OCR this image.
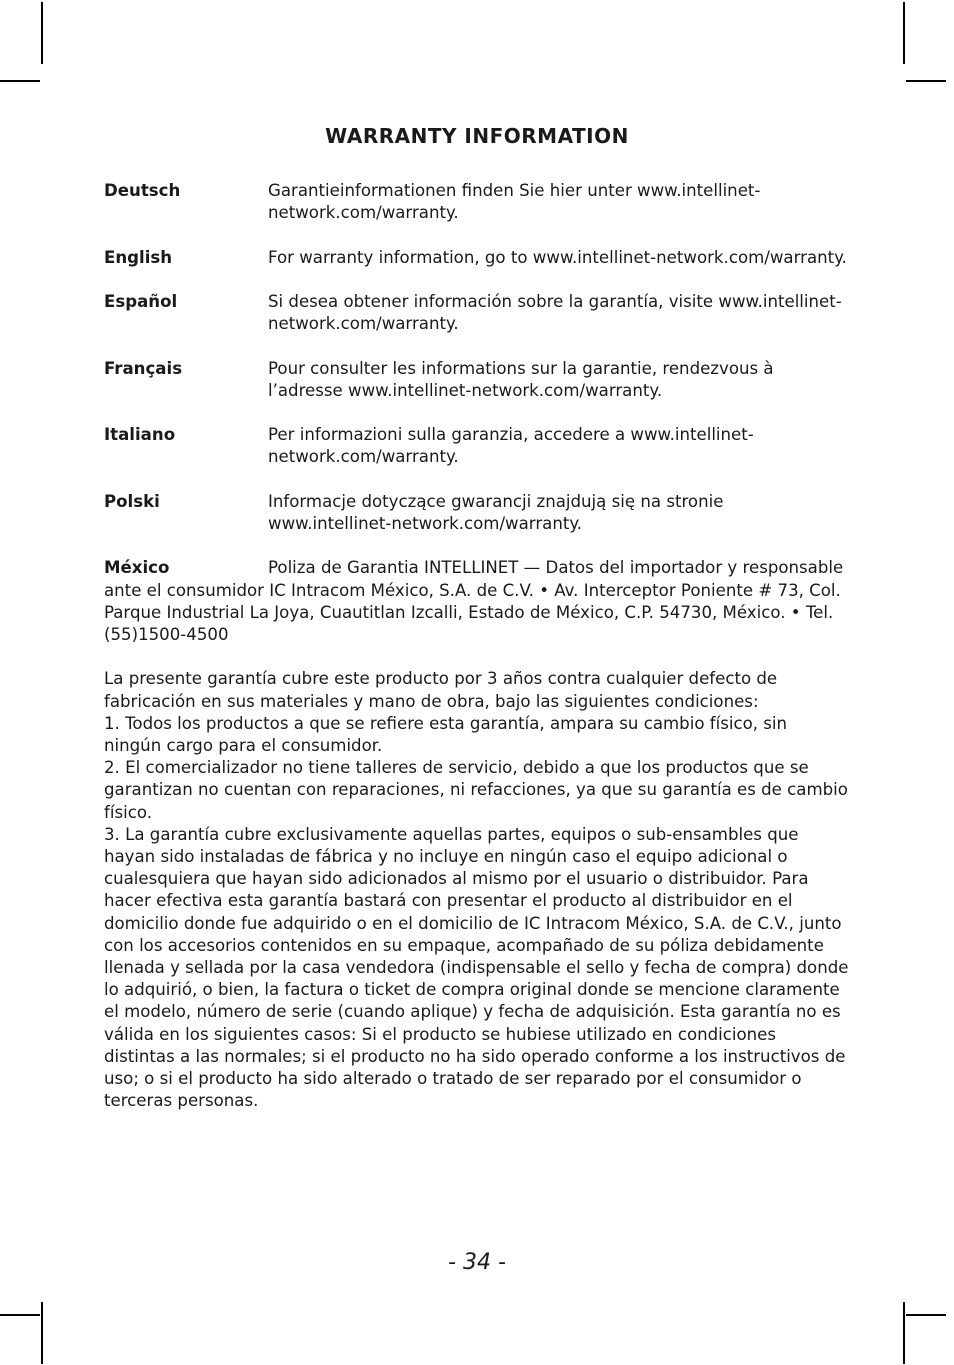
WARRANTY INFORMATION
Deutsch	Garantieinformationen finden Sie hier unter www.intellinet-network.com/warranty.
English	For warranty information, go to www.intellinet-network.com/warranty.
Español	Si desea obtener información sobre la garantía, visite www.intellinet-network.com/warranty.
Français	Pour consulter les informations sur la garantie, rendezvous à l’adresse www.intellinet-network.com/warranty.
Italiano	Per informazioni sulla garanzia, accedere a www.intellinet-network.com/warranty.
Polski	Informacje dotyczące gwarancji znajdują się na stronie www.intellinet-network.com/warranty.
México	Poliza de Garantia INTELLINET — Datos del importador y responsable ante el consumidor IC Intracom México, S.A. de C.V. • Av. Interceptor Poniente # 73, Col. Parque Industrial La Joya, Cuautitlan Izcalli, Estado de México, C.P. 54730, México. • Tel. (55)1500-4500

La presente garantía cubre este producto por 3 años contra cualquier defecto de fabricación en sus materiales y mano de obra, bajo las siguientes condiciones:

1. Todos los productos a que se refiere esta garantía, ampara su cambio físico, sin ningún cargo para el consumidor.

2. El comercializador no tiene talleres de servicio, debido a que los productos que se garantizan no cuentan con reparaciones, ni refacciones, ya que su garantía es de cambio físico.

3. La garantía cubre exclusivamente aquellas partes, equipos o sub-ensambles que hayan sido instaladas de fábrica y no incluye en ningún caso el equipo adicional o cualesquiera que hayan sido adicionados al mismo por el usuario o distribuidor. Para hacer efectiva esta garantía bastará con presentar el producto al distribuidor en el domicilio donde fue adquirido o en el domicilio de IC Intracom México, S.A. de C.V., junto con los accesorios contenidos en su empaque, acompañado de su póliza debidamente llenada y sellada por la casa vendedora (indispensable el sello y fecha de compra) donde lo adquirió, o bien, la factura o ticket de compra original donde se mencione claramente el modelo, número de serie (cuando aplique) y fecha de adquisición. Esta garantía no es válida en los siguientes casos: Si el producto se hubiese utilizado en condiciones distintas a las normales; si el producto no ha sido operado conforme a los instructivos de uso; o si el producto ha sido alterado o tratado de ser reparado por el consumidor o terceras personas.

- 34 -
